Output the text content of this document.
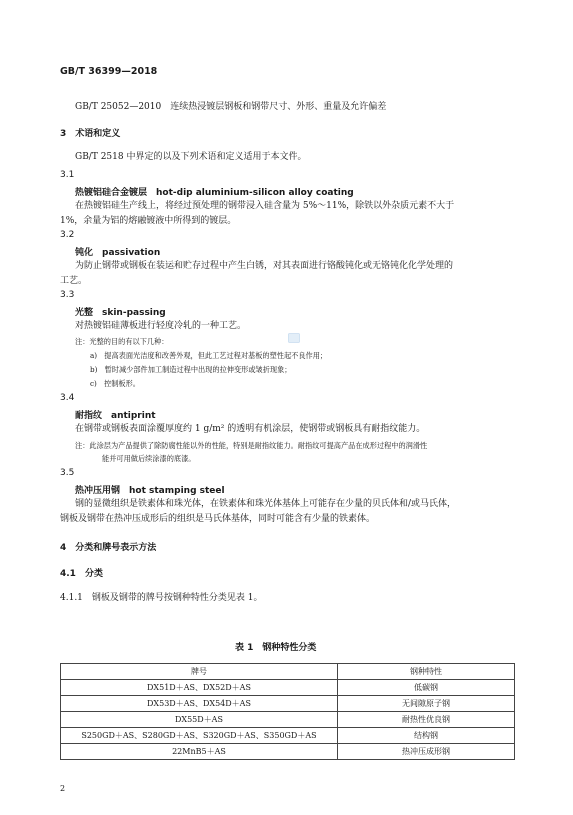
GB/T 36399—2018
GB/T 25052—2010　连续热浸镀层钢板和钢带尺寸、外形、重量及允许偏差
3　术语和定义
GB/T 2518 中界定的以及下列术语和定义适用于本文件。
3.1
热镀铝硅合金镀层　hot-dip aluminium-silicon alloy coating
在热镀铝硅生产线上，将经过预处理的钢带浸入硅含量为 5%～11%，除铁以外杂质元素不大于
1%，余量为铝的熔融镀液中所得到的镀层。
3.2
钝化　passivation
为防止钢带或钢板在装运和贮存过程中产生白锈，对其表面进行铬酸钝化或无铬钝化化学处理的
工艺。
3.3
光整　skin-passing
对热镀铝硅薄板进行轻度冷轧的一种工艺。
注：光整的目的有以下几种：
a)　提高表面光洁度和改善外观，但此工艺过程对基板的塑性起不良作用；
b)　暂时减少部件加工制造过程中出现的拉伸变形或皱折现象；
c)　控制板形。
3.4
耐指纹　antiprint
在钢带或钢板表面涂覆厚度约 1 g/m² 的透明有机涂层，使钢带或钢板具有耐指纹能力。
注：此涂层为产品提供了除防腐性能以外的性能，特别是耐指纹能力。耐指纹可提高产品在成形过程中的润滑性
能并可用做后续涂漆的底漆。
3.5
热冲压用钢　hot stamping steel
钢的显微组织是铁素体和珠光体，在铁素体和珠光体基体上可能存在少量的贝氏体和/或马氏体，
钢板及钢带在热冲压成形后的组织是马氏体基体，同时可能含有少量的铁素体。
4　分类和牌号表示方法
4.1　分类
4.1.1　钢板及钢带的牌号按钢种特性分类见表 1。
表 1　钢种特性分类
牌号	钢种特性
DX51D＋AS、DX52D＋AS	低碳钢
DX53D＋AS、DX54D＋AS	无间隙原子钢
DX55D＋AS	耐热性优良钢
S250GD＋AS、S280GD＋AS、S320GD＋AS、S350GD＋AS	结构钢
22MnB5＋AS	热冲压成形钢
2
